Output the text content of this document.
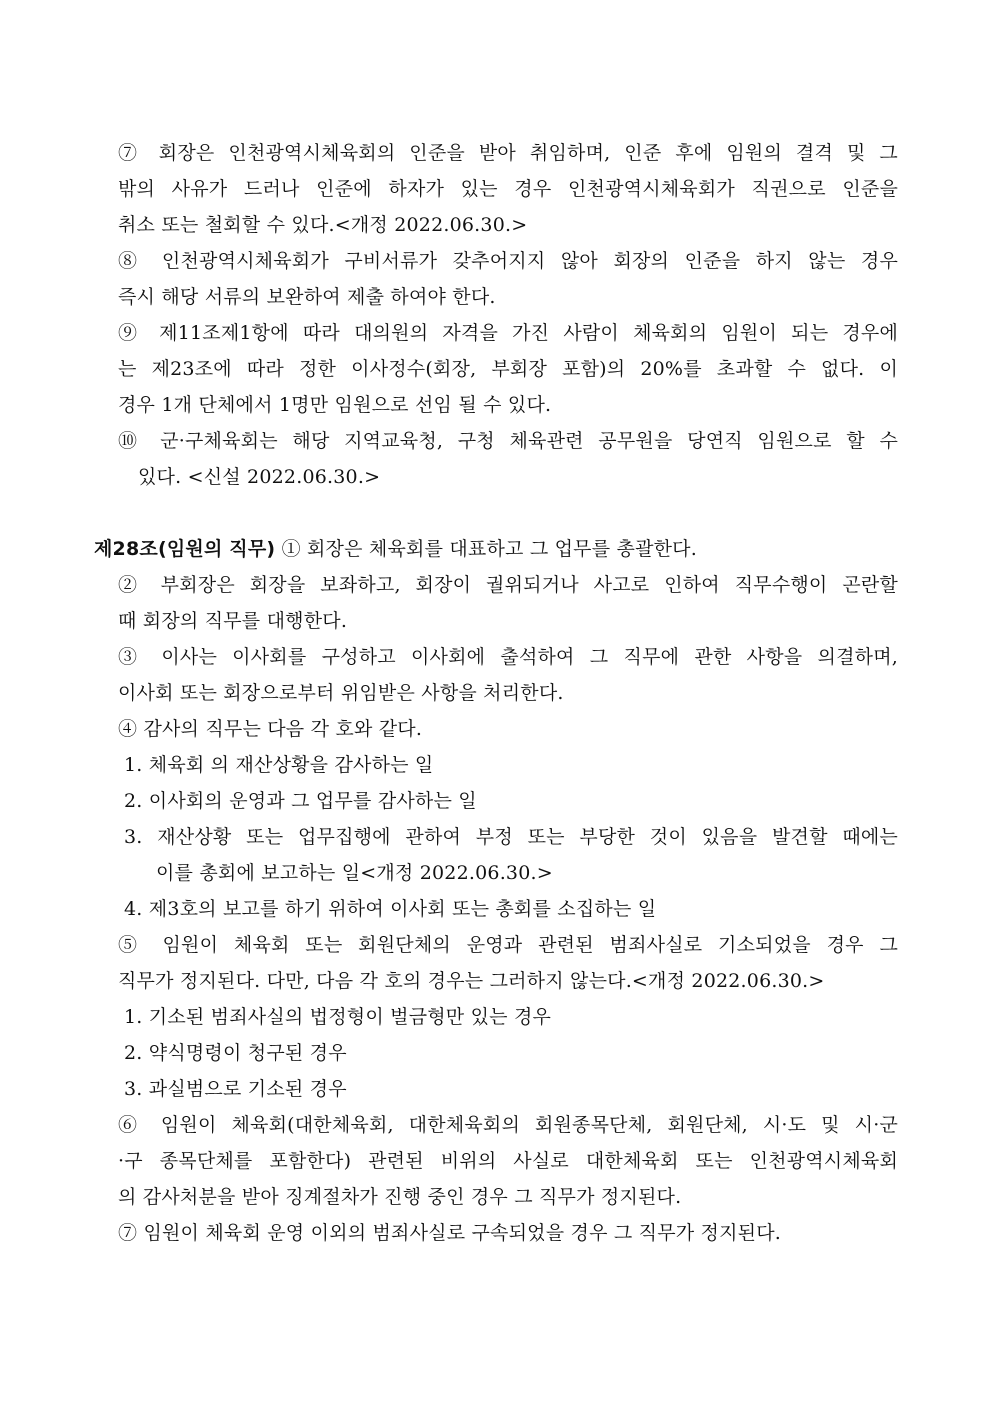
⑦ 회장은 인천광역시체육회의 인준을 받아 취임하며, 인준 후에 임원의 결격 및 그
밖의 사유가 드러나 인준에 하자가 있는 경우 인천광역시체육회가 직권으로 인준을
취소 또는 철회할 수 있다.<개정 2022.06.30.>
⑧ 인천광역시체육회가 구비서류가 갖추어지지 않아 회장의 인준을 하지 않는 경우
즉시 해당 서류의 보완하여 제출 하여야 한다.
⑨ 제11조제1항에 따라 대의원의 자격을 가진 사람이 체육회의 임원이 되는 경우에
는 제23조에 따라 정한 이사정수(회장, 부회장 포함)의 20%를 초과할 수 없다. 이
경우 1개 단체에서 1명만 임원으로 선임 될 수 있다.
⑩ 군·구체육회는 해당 지역교육청, 구청 체육관련 공무원을 당연직 임원으로 할 수
있다. <신설 2022.06.30.>
제28조(임원의 직무) ① 회장은 체육회를 대표하고 그 업무를 총괄한다.
② 부회장은 회장을 보좌하고, 회장이 궐위되거나 사고로 인하여 직무수행이 곤란할
때 회장의 직무를 대행한다.
③ 이사는 이사회를 구성하고 이사회에 출석하여 그 직무에 관한 사항을 의결하며,
이사회 또는 회장으로부터 위임받은 사항을 처리한다.
④ 감사의 직무는 다음 각 호와 같다.
1. 체육회 의 재산상황을 감사하는 일
2. 이사회의 운영과 그 업무를 감사하는 일
3. 재산상황 또는 업무집행에 관하여 부정 또는 부당한 것이 있음을 발견할 때에는
이를 총회에 보고하는 일<개정 2022.06.30.>
4. 제3호의 보고를 하기 위하여 이사회 또는 총회를 소집하는 일
⑤ 임원이 체육회 또는 회원단체의 운영과 관련된 범죄사실로 기소되었을 경우 그
직무가 정지된다. 다만, 다음 각 호의 경우는 그러하지 않는다.<개정 2022.06.30.>
1. 기소된 범죄사실의 법정형이 벌금형만 있는 경우
2. 약식명령이 청구된 경우
3. 과실범으로 기소된 경우
⑥ 임원이 체육회(대한체육회, 대한체육회의 회원종목단체, 회원단체, 시·도 및 시·군
·구 종목단체를 포함한다) 관련된 비위의 사실로 대한체육회 또는 인천광역시체육회
의 감사처분을 받아 징계절차가 진행 중인 경우 그 직무가 정지된다.
⑦ 임원이 체육회 운영 이외의 범죄사실로 구속되었을 경우 그 직무가 정지된다.
